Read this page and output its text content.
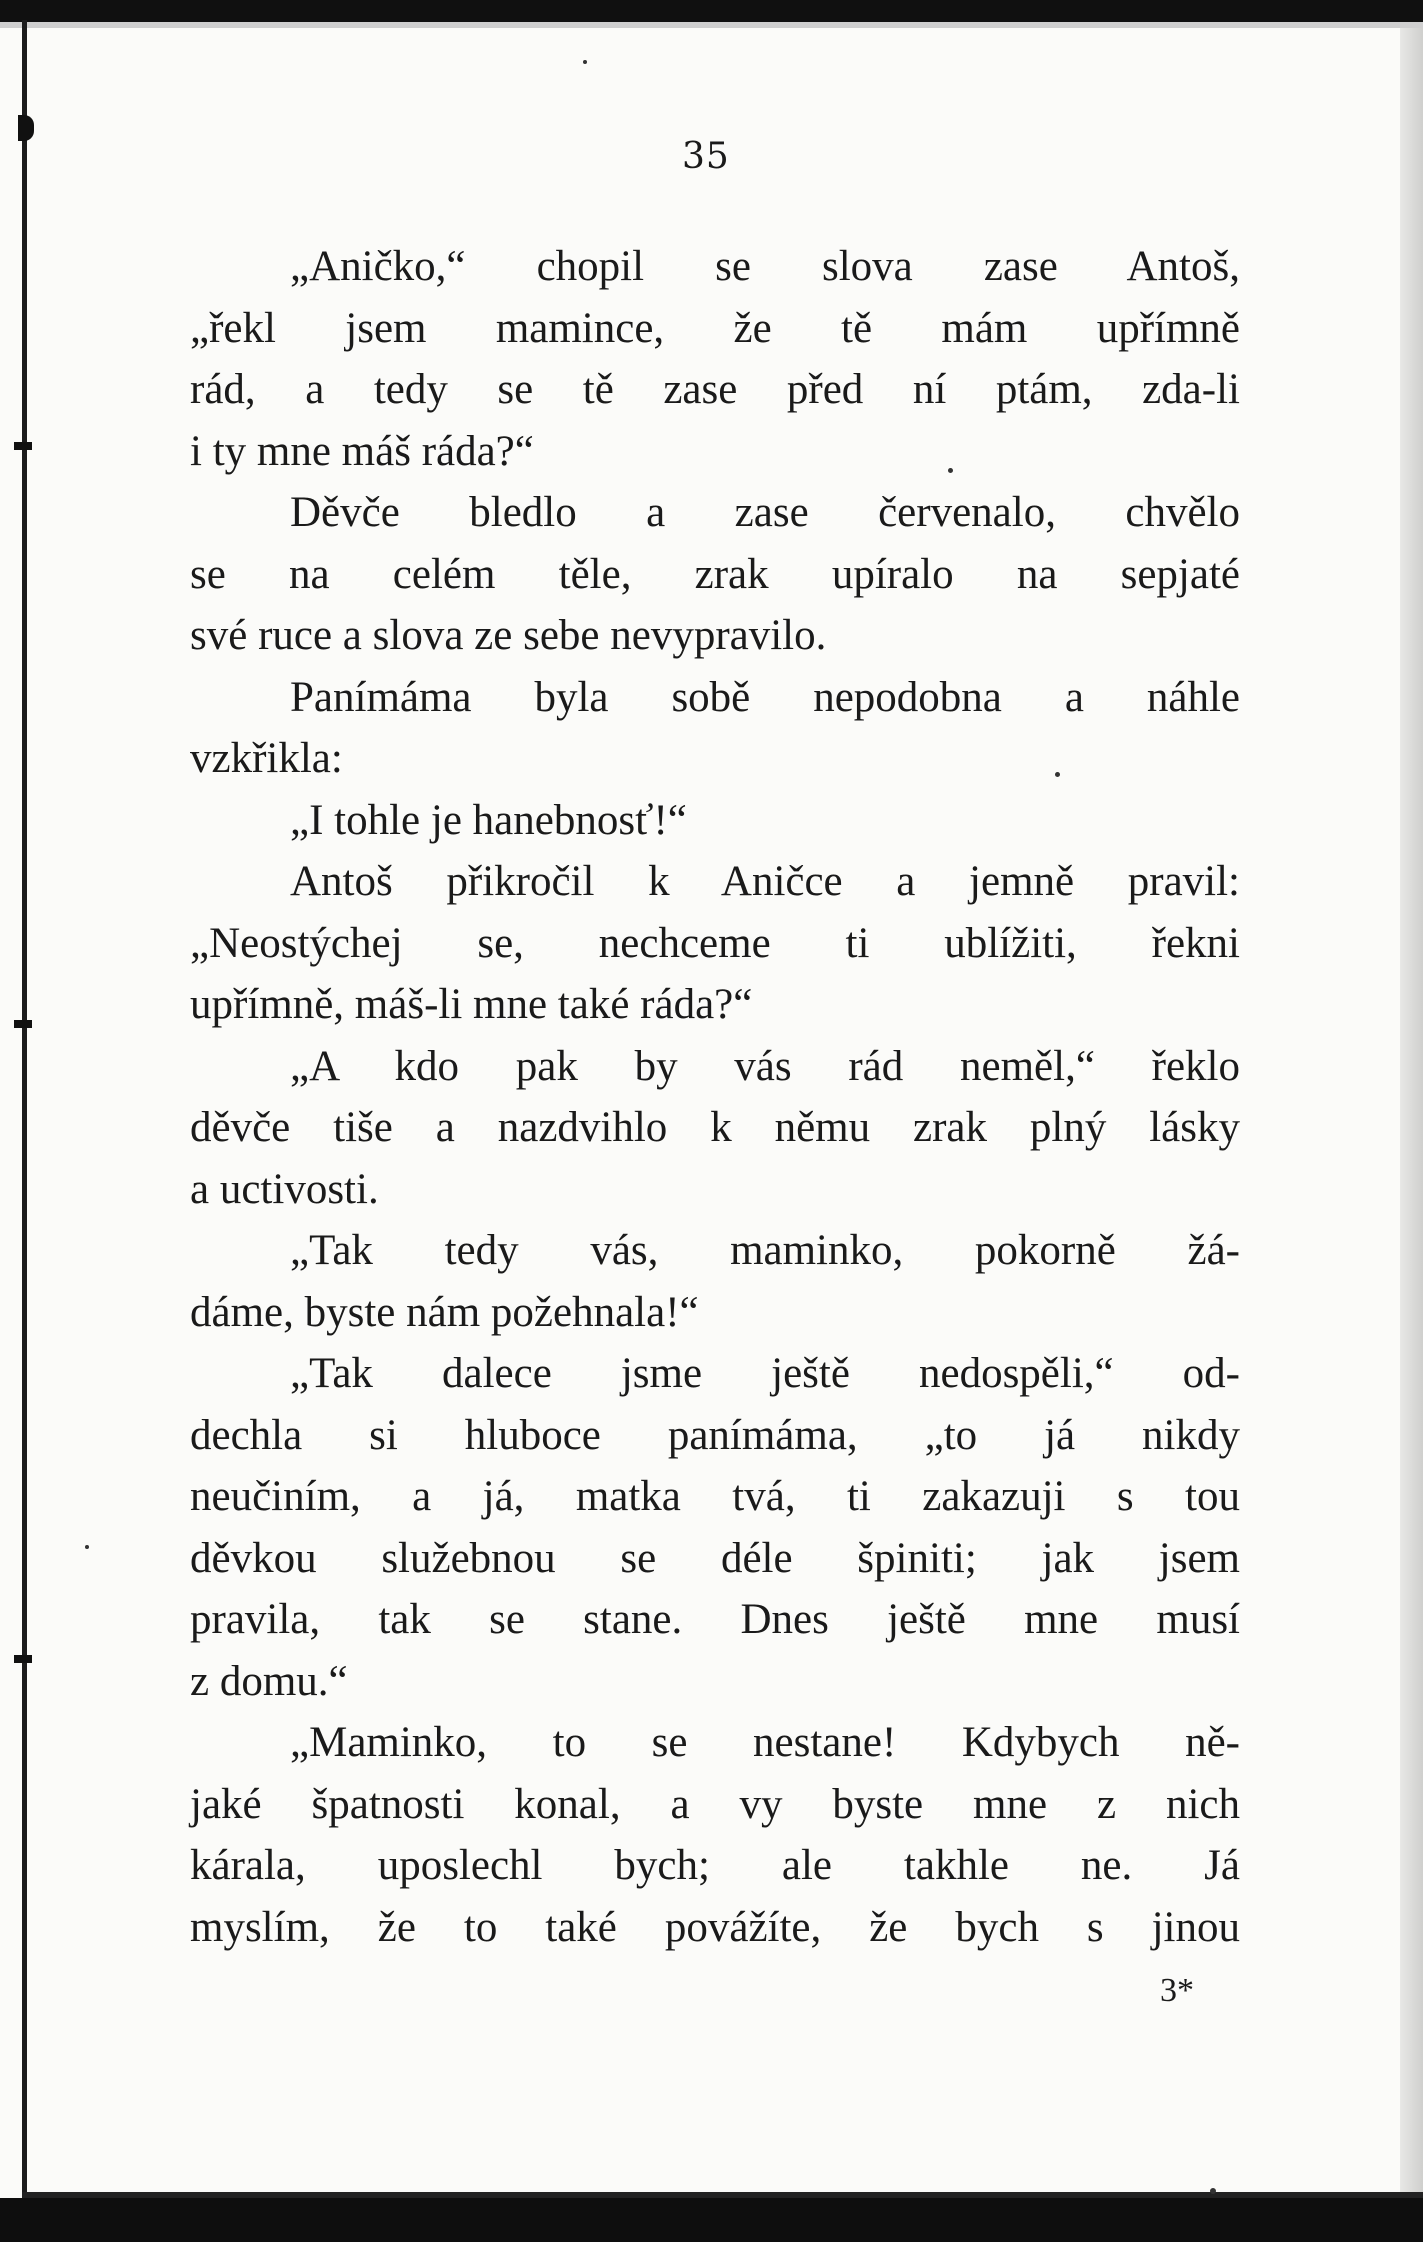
35
„Aničko,“ chopil se slova zase Antoš,
„řekl jsem mamince, že tě mám upřímně
rád, a tedy se tě zase před ní ptám, zda-li
i ty mne máš ráda?“
Děvče bledlo a zase červenalo, chvělo
se na celém těle, zrak upíralo na sepjaté
své ruce a slova ze sebe nevypravilo.
Panímáma byla sobě nepodobna a náhle
vzkřikla:
„I tohle je hanebnosť!“
Antoš přikročil k Aničce a jemně pravil:
„Neostýchej se, nechceme ti ublížiti, řekni
upřímně, máš-li mne také ráda?“
„A kdo pak by vás rád neměl,“ řeklo
děvče tiše a nazdvihlo k němu zrak plný lásky
a uctivosti.
„Tak tedy vás, maminko, pokorně žá-
dáme, byste nám požehnala!“
„Tak dalece jsme ještě nedospěli,“ od-
dechla si hluboce panímáma, „to já nikdy
neučiním, a já, matka tvá, ti zakazuji s tou
děvkou služebnou se déle špiniti; jak jsem
pravila, tak se stane. Dnes ještě mne musí
z domu.“
„Maminko, to se nestane! Kdybych ně-
jaké špatnosti konal, a vy byste mne z nich
kárala, uposlechl bych; ale takhle ne. Já
myslím, že to také povážíte, že bych s jinou
3*
